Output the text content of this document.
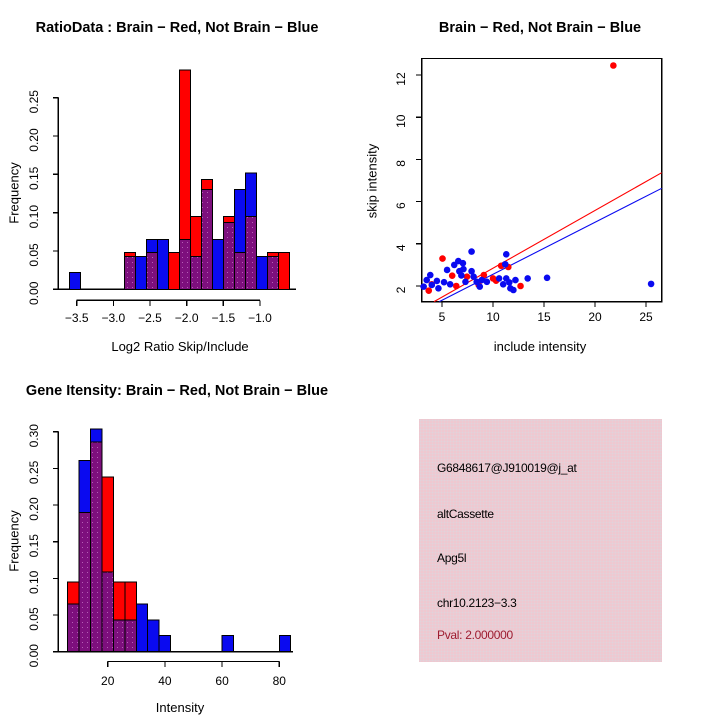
0.00
0.05
0.10
0.15
0.20
0.25
−3.5 −3.0 −2.5 −2.0 −1.5 −1.0	5	10	15	20	25
2
4
6
8
10
12
0.00
0.05
0.10
0.15
0.20
0.25
0.30
20	40	60	80
RatioData : Brain − Red, Not Brain − Blue	Brain − Red, Not Brain − Blue
Gene Itensity: Brain − Red, Not Brain − Blue
Log2 Ratio Skip/Include	include intensity
Intensity
Frequency	skip intensity
Frequency
G6848617@J910019@j_at
altCassette
Apg5l
chr10.2123−3.3
Pval: 2.000000
